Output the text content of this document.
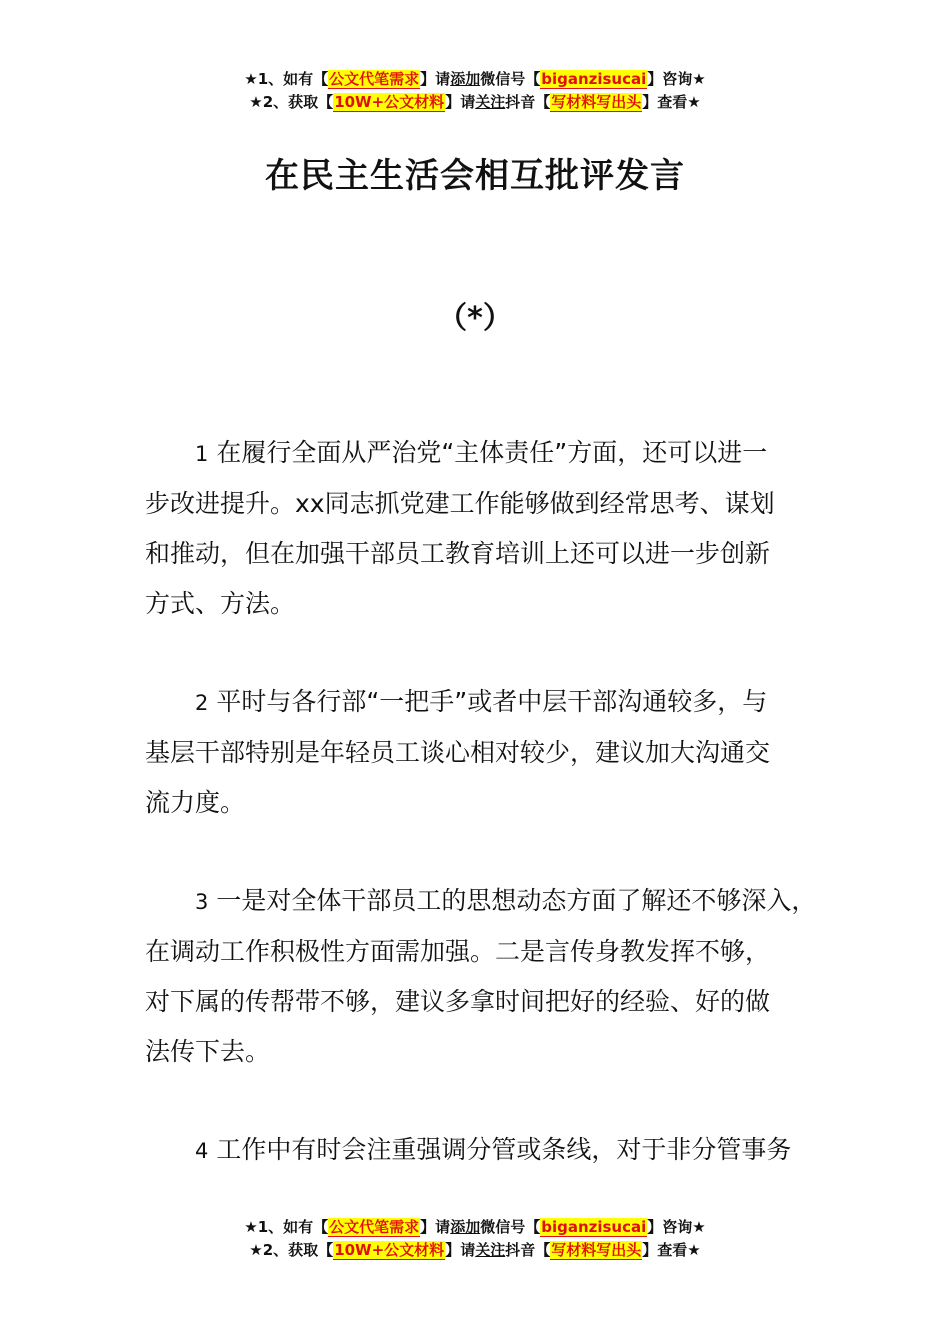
★1、如有【公文代笔需求】请添加微信号【biganzisucai】咨询★
★2、获取【10W+公文材料】请关注抖音【写材料写出头】查看★
在民主生活会相互批评发言
（*）
1 在履行全面从严治党“主体责任”方面，还可以进一
步改进提升。xx同志抓党建工作能够做到经常思考、谋划
和推动，但在加强干部员工教育培训上还可以进一步创新
方式、方法。
2 平时与各行部“一把手”或者中层干部沟通较多，与
基层干部特别是年轻员工谈心相对较少，建议加大沟通交
流力度。
3 一是对全体干部员工的思想动态方面了解还不够深入，
在调动工作积极性方面需加强。二是言传身教发挥不够，
对下属的传帮带不够，建议多拿时间把好的经验、好的做
法传下去。
4 工作中有时会注重强调分管或条线，对于非分管事务
★1、如有【公文代笔需求】请添加微信号【biganzisucai】咨询★
★2、获取【10W+公文材料】请关注抖音【写材料写出头】查看★
